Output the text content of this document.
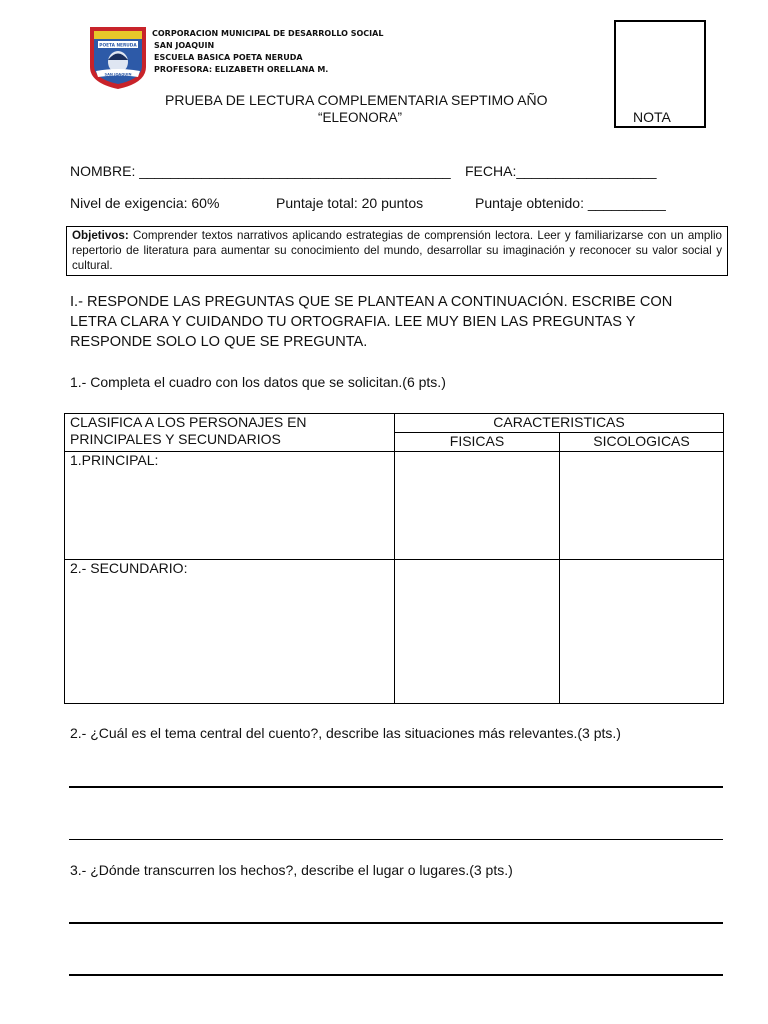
POETA NERUDA
SAN JOAQUIN
CORPORACION MUNICIPAL DE DESARROLLO SOCIAL
SAN JOAQUIN
ESCUELA BASICA POETA NERUDA
PROFESORA: ELIZABETH ORELLANA M.
PRUEBA DE LECTURA COMPLEMENTARIA SEPTIMO AÑO
“ELEONORA”	NOTA
NOMBRE: ________________________________________ FECHA:__________________
Nivel de exigencia: 60%	Puntaje total: 20 puntos	Puntaje obtenido: __________
Objetivos: Comprender textos narrativos aplicando estrategias de comprensión lectora. Leer y familiarizarse con un amplio repertorio de literatura para aumentar su conocimiento del mundo, desarrollar su imaginación y reconocer su valor social y cultural.
I.- RESPONDE LAS PREGUNTAS QUE SE PLANTEAN A CONTINUACIÓN. ESCRIBE CON LETRA CLARA Y CUIDANDO TU ORTOGRAFIA. LEE MUY BIEN LAS PREGUNTAS Y RESPONDE SOLO LO QUE SE PREGUNTA.
1.- Completa el cuadro con los datos que se solicitan.(6 pts.)
CLASIFICA A LOS PERSONAJES EN
PRINCIPALES Y SECUNDARIOS	CARACTERISTICAS	
	FISICAS	SICOLOGICAS
1.PRINCIPAL:		
2.- SECUNDARIO:		
2.- ¿Cuál es el tema central del cuento?, describe las situaciones más relevantes.(3 pts.)
3.- ¿Dónde transcurren los hechos?, describe el lugar o lugares.(3 pts.)
